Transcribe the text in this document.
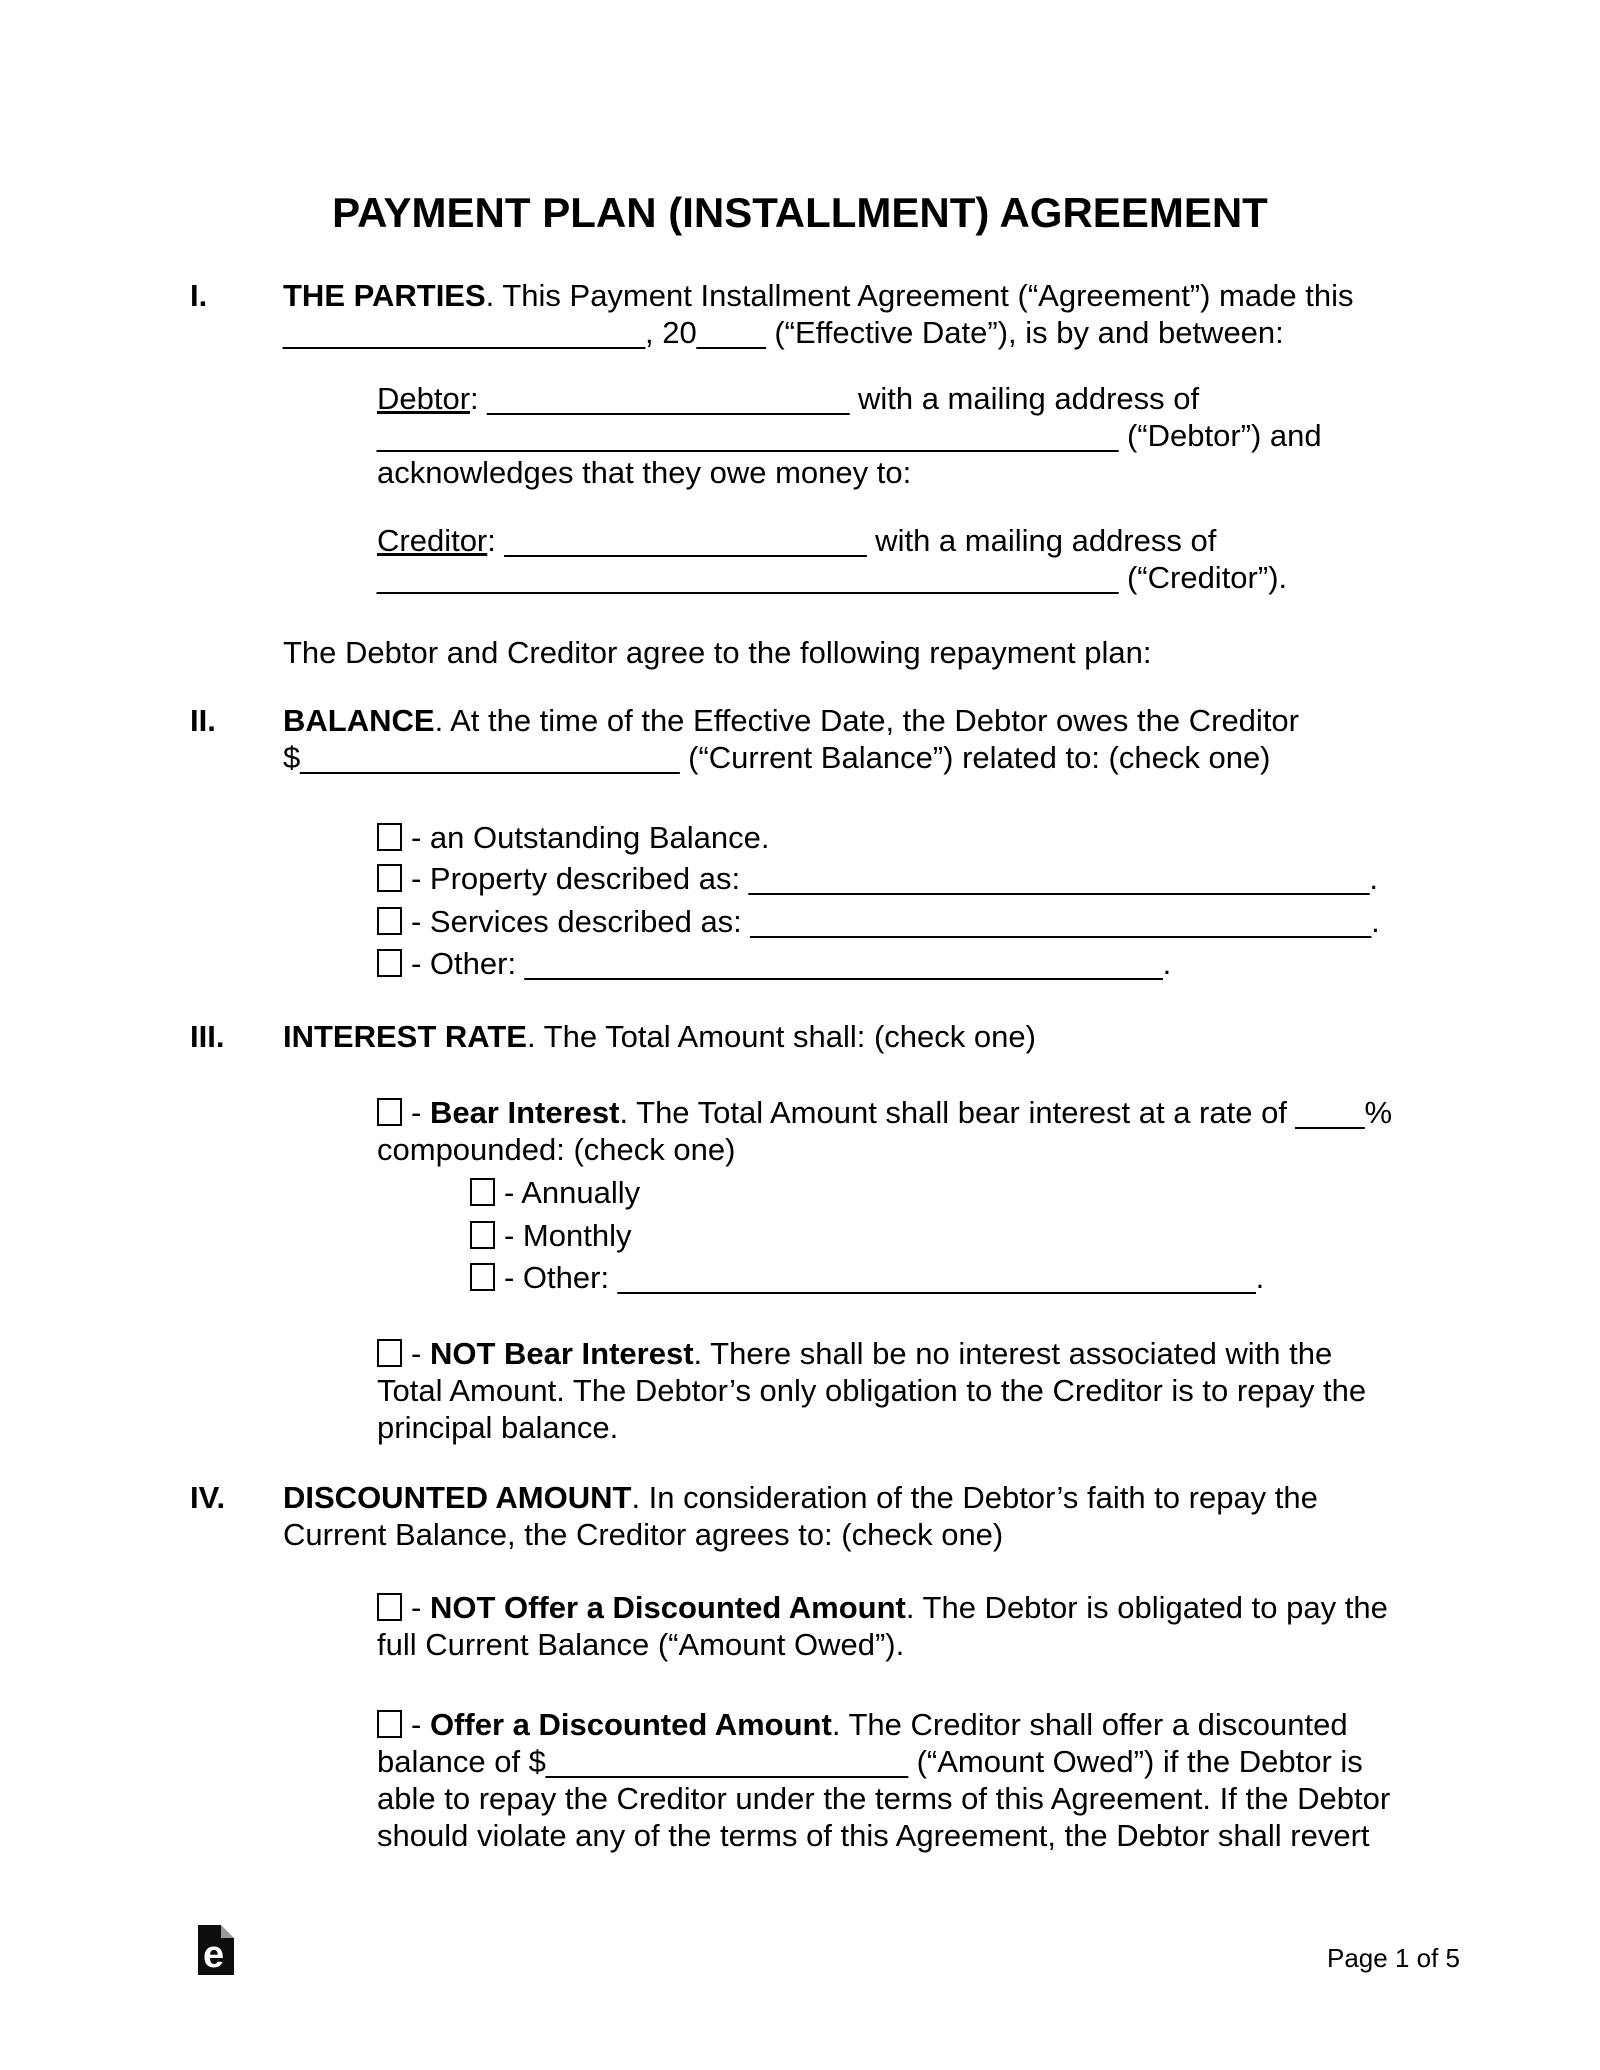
PAYMENT PLAN (INSTALLMENT) AGREEMENT
I. THE PARTIES. This Payment Installment Agreement (“Agreement”) made this
_____________________, 20____ (“Effective Date”), is by and between:
Debtor: _____________________ with a mailing address of
___________________________________________ (“Debtor”) and
acknowledges that they owe money to:
Creditor: _____________________ with a mailing address of
___________________________________________ (“Creditor”).
The Debtor and Creditor agree to the following repayment plan:
II. BALANCE. At the time of the Effective Date, the Debtor owes the Creditor
$______________________ (“Current Balance”) related to: (check one)
- an Outstanding Balance.
- Property described as: ____________________________________.
- Services described as: ____________________________________.
- Other: _____________________________________.
III. INTEREST RATE. The Total Amount shall: (check one)
- Bear Interest. The Total Amount shall bear interest at a rate of ____%
compounded: (check one)
- Annually
- Monthly
- Other: _____________________________________.
- NOT Bear Interest. There shall be no interest associated with the
Total Amount. The Debtor’s only obligation to the Creditor is to repay the
principal balance.
IV. DISCOUNTED AMOUNT. In consideration of the Debtor’s faith to repay the
Current Balance, the Creditor agrees to: (check one)
- NOT Offer a Discounted Amount. The Debtor is obligated to pay the
full Current Balance (“Amount Owed”).
- Offer a Discounted Amount. The Creditor shall offer a discounted
balance of $_____________________ (“Amount Owed”) if the Debtor is
able to repay the Creditor under the terms of this Agreement. If the Debtor
should violate any of the terms of this Agreement, the Debtor shall revert
e	Page 1 of 5
